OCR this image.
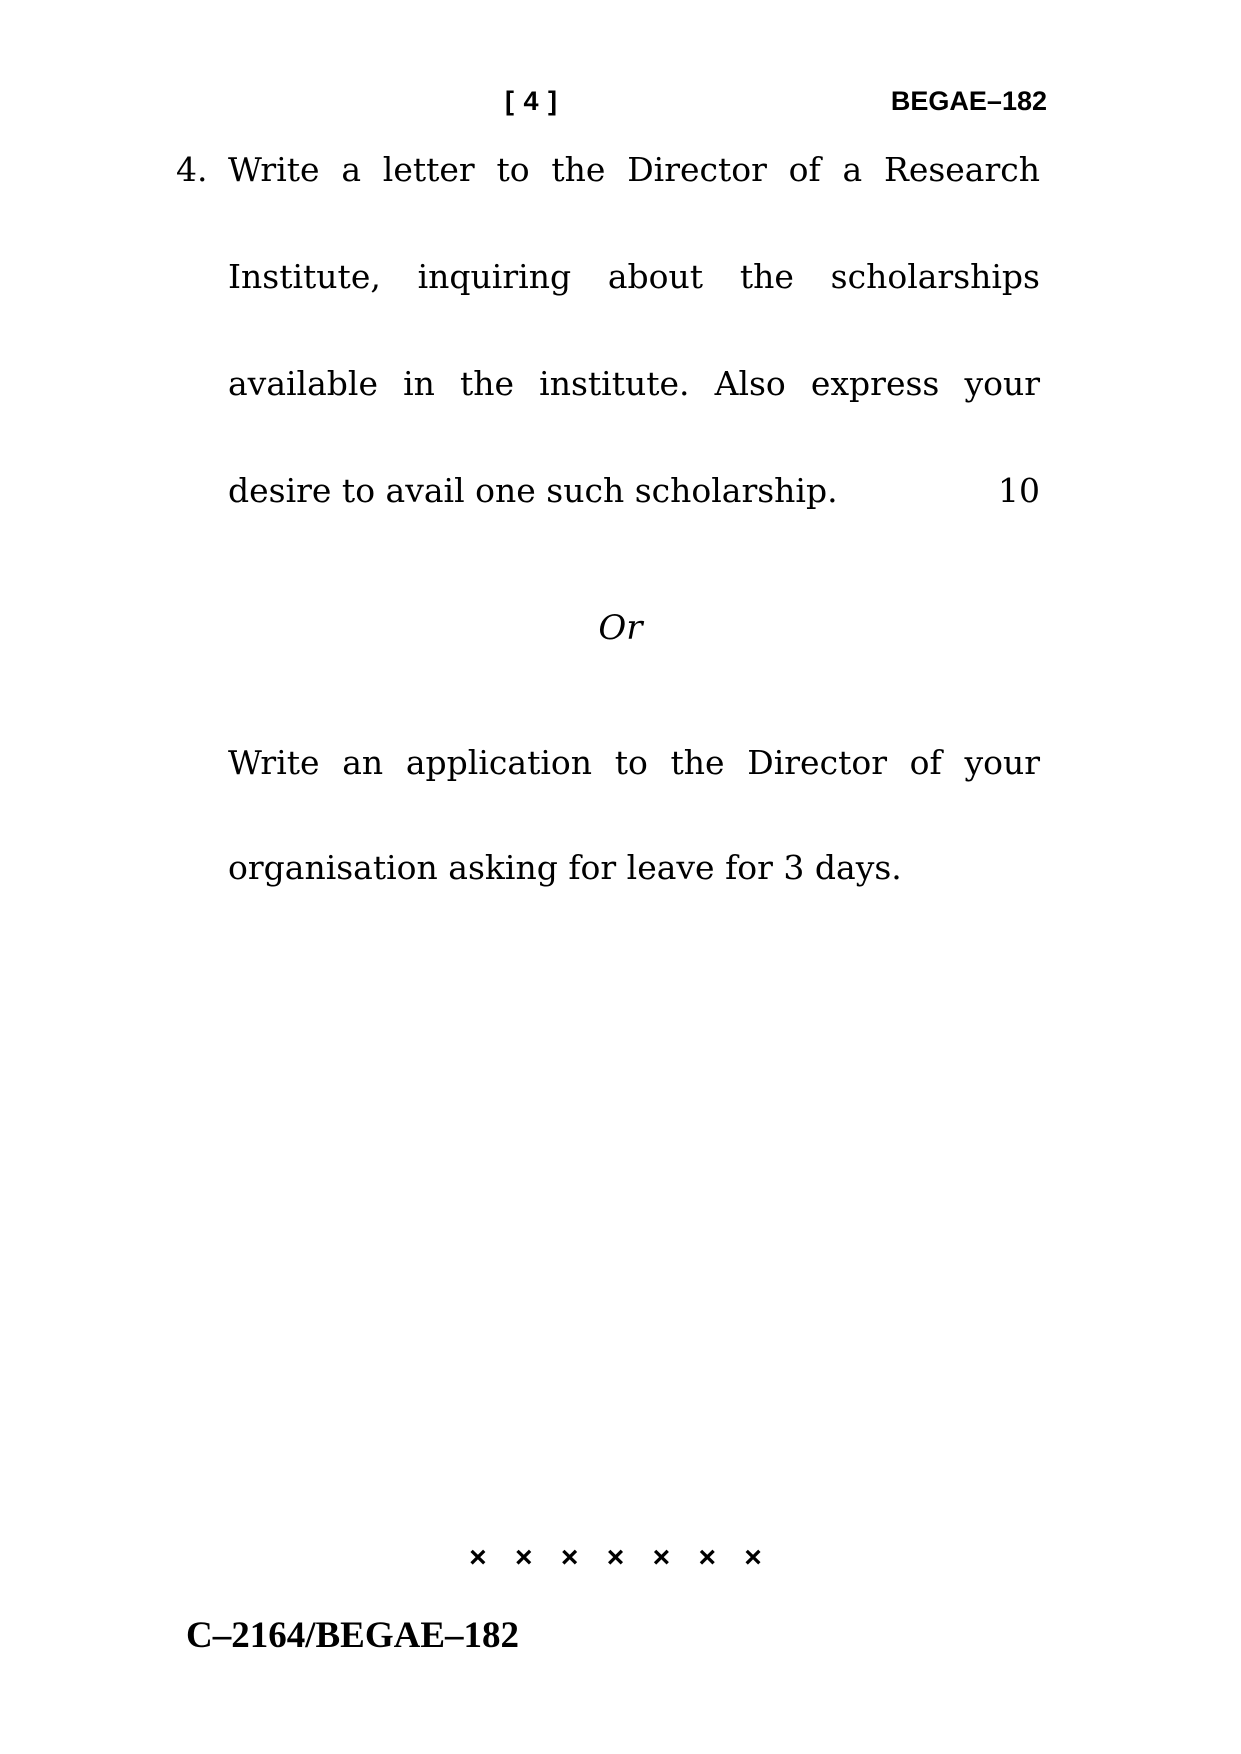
[ 4 ]	BEGAE–182
4. Write a letter to the Director of a Research
Institute, inquiring about the scholarships
available in the institute. Also express your
desire to avail one such scholarship.	10
Or
Write an application to the Director of your
organisation asking for leave for 3 days.
× × × × × × ×
C–2164/BEGAE–182
